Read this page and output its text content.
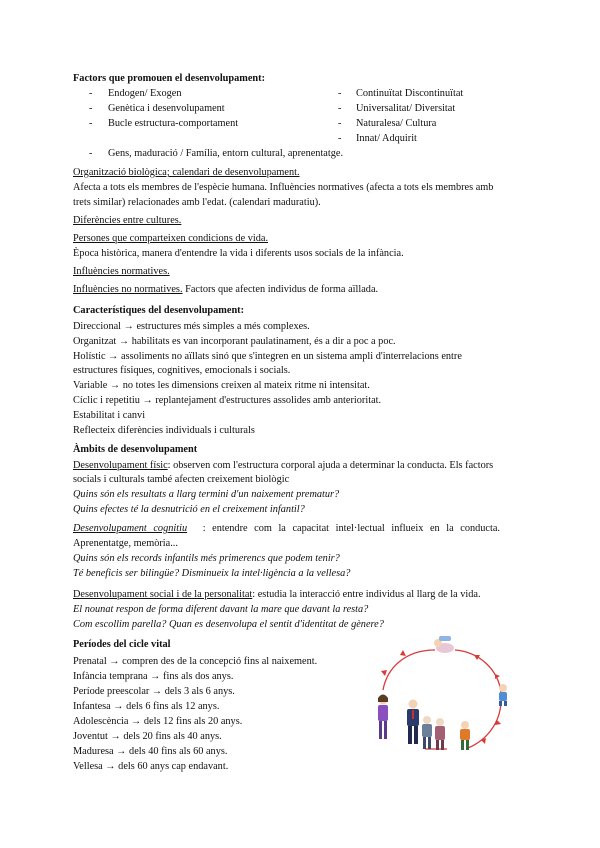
Factors que promouen el desenvolupament:
- Endogen/ Exogen
- Genètica i desenvolupament
- Bucle estructura-comportament
- Continuïtat Discontinuïtat
- Universalitat/ Diversitat
- Naturalesa/ Cultura
- Innat/ Adquirit
- Gens, maduració / Família, entorn cultural, aprenentatge.
Organització biològica; calendari de desenvolupament.
Afecta a tots els membres de l'espècie humana. Influències normatives (afecta a tots els membres amb
trets similar) relacionades amb l'edat. (calendari maduratiu).
Diferències entre cultures.
Persones que comparteixen condicions de vida.
Època històrica, manera d'entendre la vida i diferents usos socials de la infància.
Influències normatives.
Influències no normatives. Factors que afecten individus de forma aïllada.
Característiques del desenvolupament:
Direccional → estructures més simples a més complexes.
Organitzat → habilitats es van incorporant paulatinament, és a dir a poc a poc.
Holístic → assoliments no aïllats sinó que s'integren en un sistema ampli d'interrelacions entre
estructures físiques, cognitives, emocionals i socials.
Variable → no totes les dimensions creixen al mateix ritme ni intensitat.
Cíclic i repetitiu → replantejament d'estructures assolides amb anterioritat.
Estabilitat i canvi
Reflecteix diferències individuals i culturals
Àmbits de desenvolupament
Desenvolupament físic: observen com l'estructura corporal ajuda a determinar la conducta. Els factors
socials i culturals també afecten creixement biològic
Quins són els resultats a llarg termini d'un naixement prematur?
Quins efectes té la desnutrició en el creixement infantil?
Desenvolupament cognitiu : entendre com la capacitat intel·lectual influeix en la conducta.
Aprenentatge, memòria...
Quins són els records infantils més primerencs que podem tenir?
Té beneficis ser bilingüe? Disminueix la intel·ligència a la vellesa?
Desenvolupament social i de la personalitat: estudia la interacció entre individus al llarg de la vida.
El nounat respon de forma diferent davant la mare que davant la resta?
Com escollim parella? Quan es desenvolupa el sentit d'identitat de gènere?
Períodes del cicle vital
Prenatal → compren des de la concepció fins al naixement.
Infància temprana → fins als dos anys.
Període preescolar → dels 3 als 6 anys.
Infantesa → dels 6 fins als 12 anys.
Adolescència → dels 12 fins als 20 anys.
Joventut → dels 20 fins als 40 anys.
Maduresa → dels 40 fins als 60 anys.
Vellesa → dels 60 anys cap endavant.
